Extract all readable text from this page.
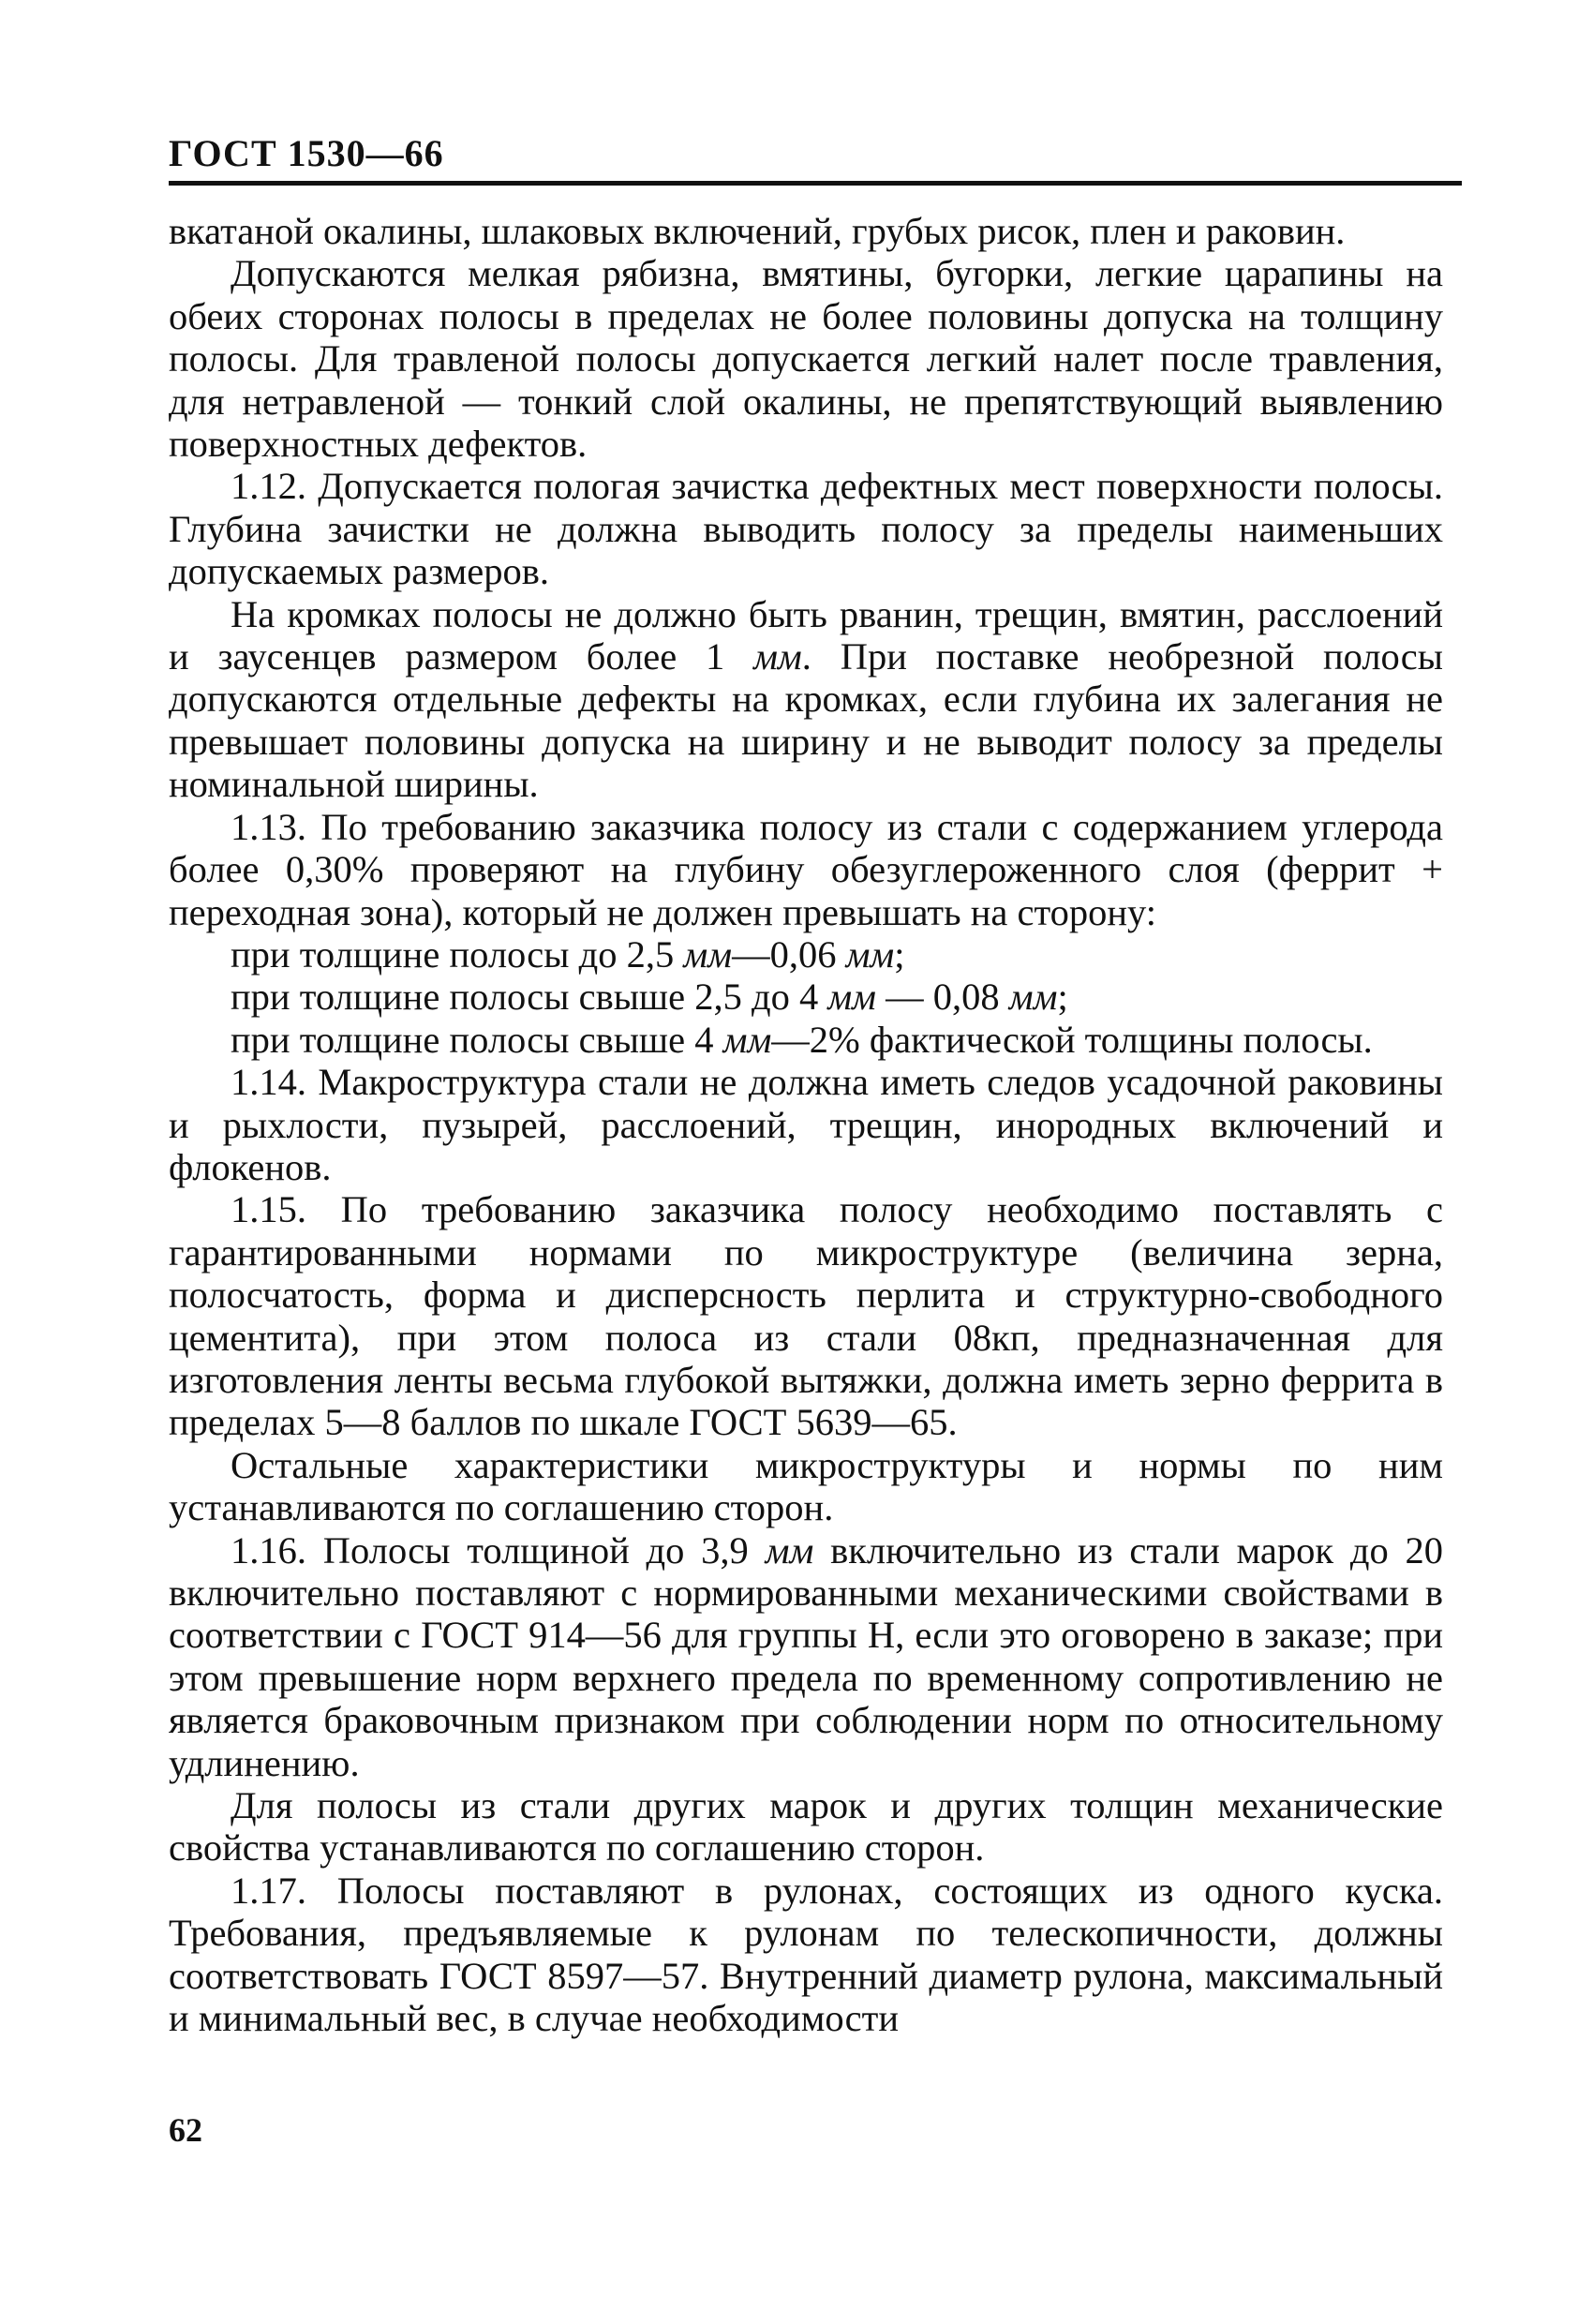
ГОСТ 1530—66

вкатаной окалины, шлаковых включений, грубых рисок, плен и раковин.

Допускаются мелкая рябизна, вмятины, бугорки, легкие царапины на обеих сторонах полосы в пределах не более половины допуска на толщину полосы. Для травленой полосы допускается легкий налет после травления, для нетравленой — тонкий слой окалины, не препятствующий выявлению поверхностных дефектов.

1.12. Допускается пологая зачистка дефектных мест поверхности полосы. Глубина зачистки не должна выводить полосу за пределы наименьших допускаемых размеров.

На кромках полосы не должно быть рванин, трещин, вмятин, расслоений и заусенцев размером более 1 мм. При поставке необрезной полосы допускаются отдельные дефекты на кромках, если глубина их залегания не превышает половины допуска на ширину и не выводит полосу за пределы номинальной ширины.

1.13. По требованию заказчика полосу из стали с содержанием углерода более 0,30% проверяют на глубину обезуглероженного слоя (феррит + переходная зона), который не должен превышать на сторону:

при толщине полосы до 2,5 мм—0,06 мм;

при толщине полосы свыше 2,5 до 4 мм — 0,08 мм;

при толщине полосы свыше 4 мм—2% фактической толщины полосы.

1.14. Макроструктура стали не должна иметь следов усадочной раковины и рыхлости, пузырей, расслоений, трещин, инородных включений и флокенов.

1.15. По требованию заказчика полосу необходимо поставлять с гарантированными нормами по микроструктуре (величина зерна, полосчатость, форма и дисперсность перлита и структурно-свободного цементита), при этом полоса из стали 08кп, предназначенная для изготовления ленты весьма глубокой вытяжки, должна иметь зерно феррита в пределах 5—8 баллов по шкале ГОСТ 5639—65.

Остальные характеристики микроструктуры и нормы по ним устанавливаются по соглашению сторон.

1.16. Полосы толщиной до 3,9 мм включительно из стали марок до 20 включительно поставляют с нормированными механическими свойствами в соответствии с ГОСТ 914—56 для группы Н, если это оговорено в заказе; при этом превышение норм верхнего предела по временному сопротивлению не является браковочным признаком при соблюдении норм по относительному удлинению.

Для полосы из стали других марок и других толщин механические свойства устанавливаются по соглашению сторон.

1.17. Полосы поставляют в рулонах, состоящих из одного куска. Требования, предъявляемые к рулонам по телескопичности, должны соответствовать ГОСТ 8597—57. Внутренний диаметр рулона, максимальный и минимальный вес, в случае необходимости

62
